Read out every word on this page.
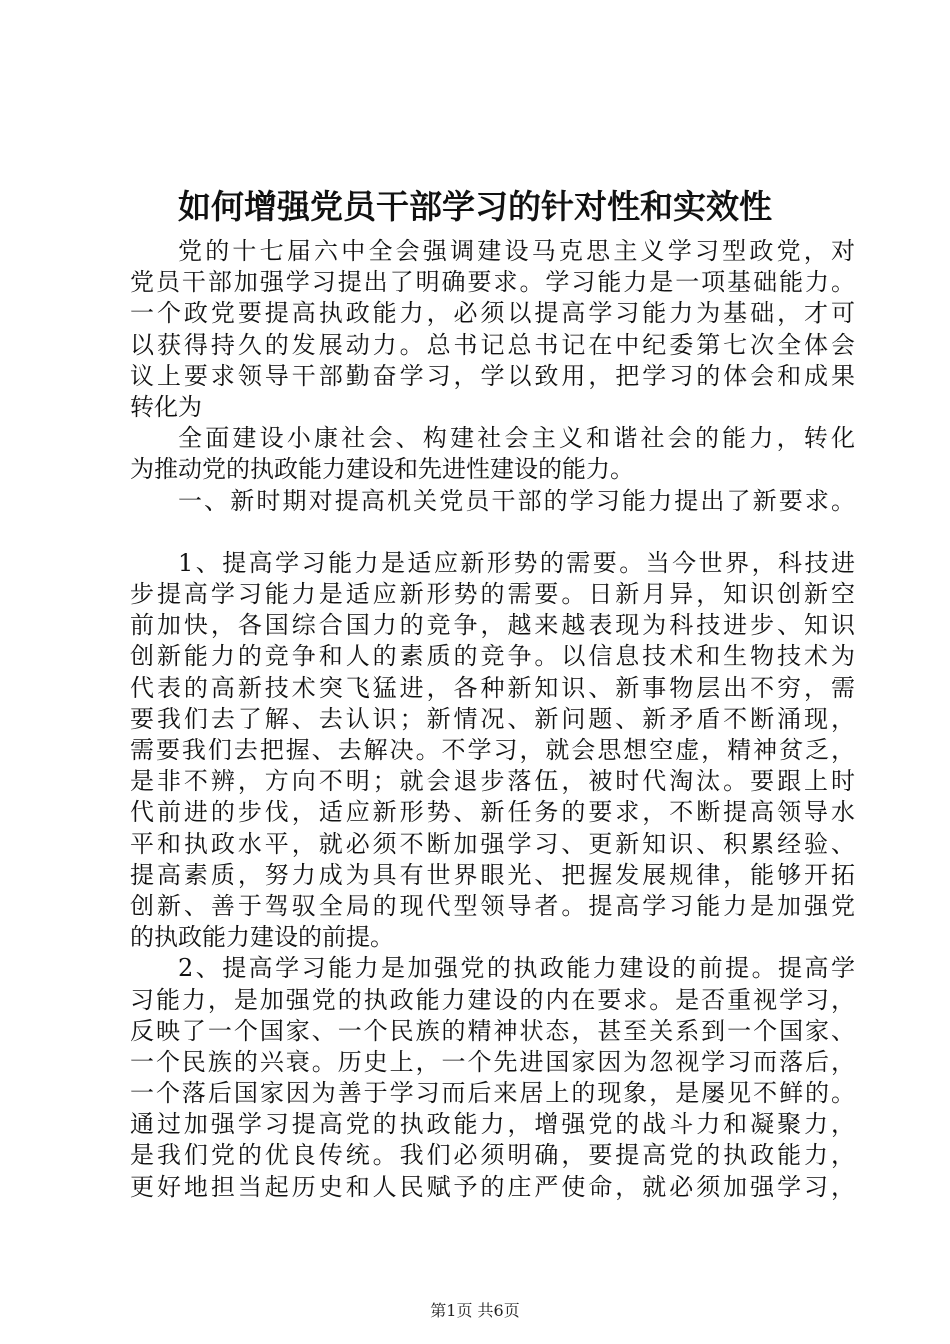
如何增强党员干部学习的针对性和实效性
党的十七届六中全会强调建设马克思主义学习型政党，对
党员干部加强学习提出了明确要求。学习能力是一项基础能力。
一个政党要提高执政能力，必须以提高学习能力为基础，才可
以获得持久的发展动力。总书记总书记在中纪委第七次全体会
议上要求领导干部勤奋学习，学以致用，把学习的体会和成果
转化为
全面建设小康社会、构建社会主义和谐社会的能力，转化
为推动党的执政能力建设和先进性建设的能力。
一、新时期对提高机关党员干部的学习能力提出了新要求。
1、提高学习能力是适应新形势的需要。当今世界，科技进
步提高学习能力是适应新形势的需要。日新月异，知识创新空
前加快，各国综合国力的竞争，越来越表现为科技进步、知识
创新能力的竞争和人的素质的竞争。以信息技术和生物技术为
代表的高新技术突飞猛进，各种新知识、新事物层出不穷，需
要我们去了解、去认识；新情况、新问题、新矛盾不断涌现，
需要我们去把握、去解决。不学习，就会思想空虚，精神贫乏，
是非不辨，方向不明；就会退步落伍，被时代淘汰。要跟上时
代前进的步伐，适应新形势、新任务的要求，不断提高领导水
平和执政水平，就必须不断加强学习、更新知识、积累经验、
提高素质，努力成为具有世界眼光、把握发展规律，能够开拓
创新、善于驾驭全局的现代型领导者。提高学习能力是加强党
的执政能力建设的前提。
2、提高学习能力是加强党的执政能力建设的前提。提高学
习能力，是加强党的执政能力建设的内在要求。是否重视学习，
反映了一个国家、一个民族的精神状态，甚至关系到一个国家、
一个民族的兴衰。历史上，一个先进国家因为忽视学习而落后，
一个落后国家因为善于学习而后来居上的现象，是屡见不鲜的。
通过加强学习提高党的执政能力，增强党的战斗力和凝聚力，
是我们党的优良传统。我们必须明确，要提高党的执政能力，
更好地担当起历史和人民赋予的庄严使命，就必须加强学习，
第1页 共6页
